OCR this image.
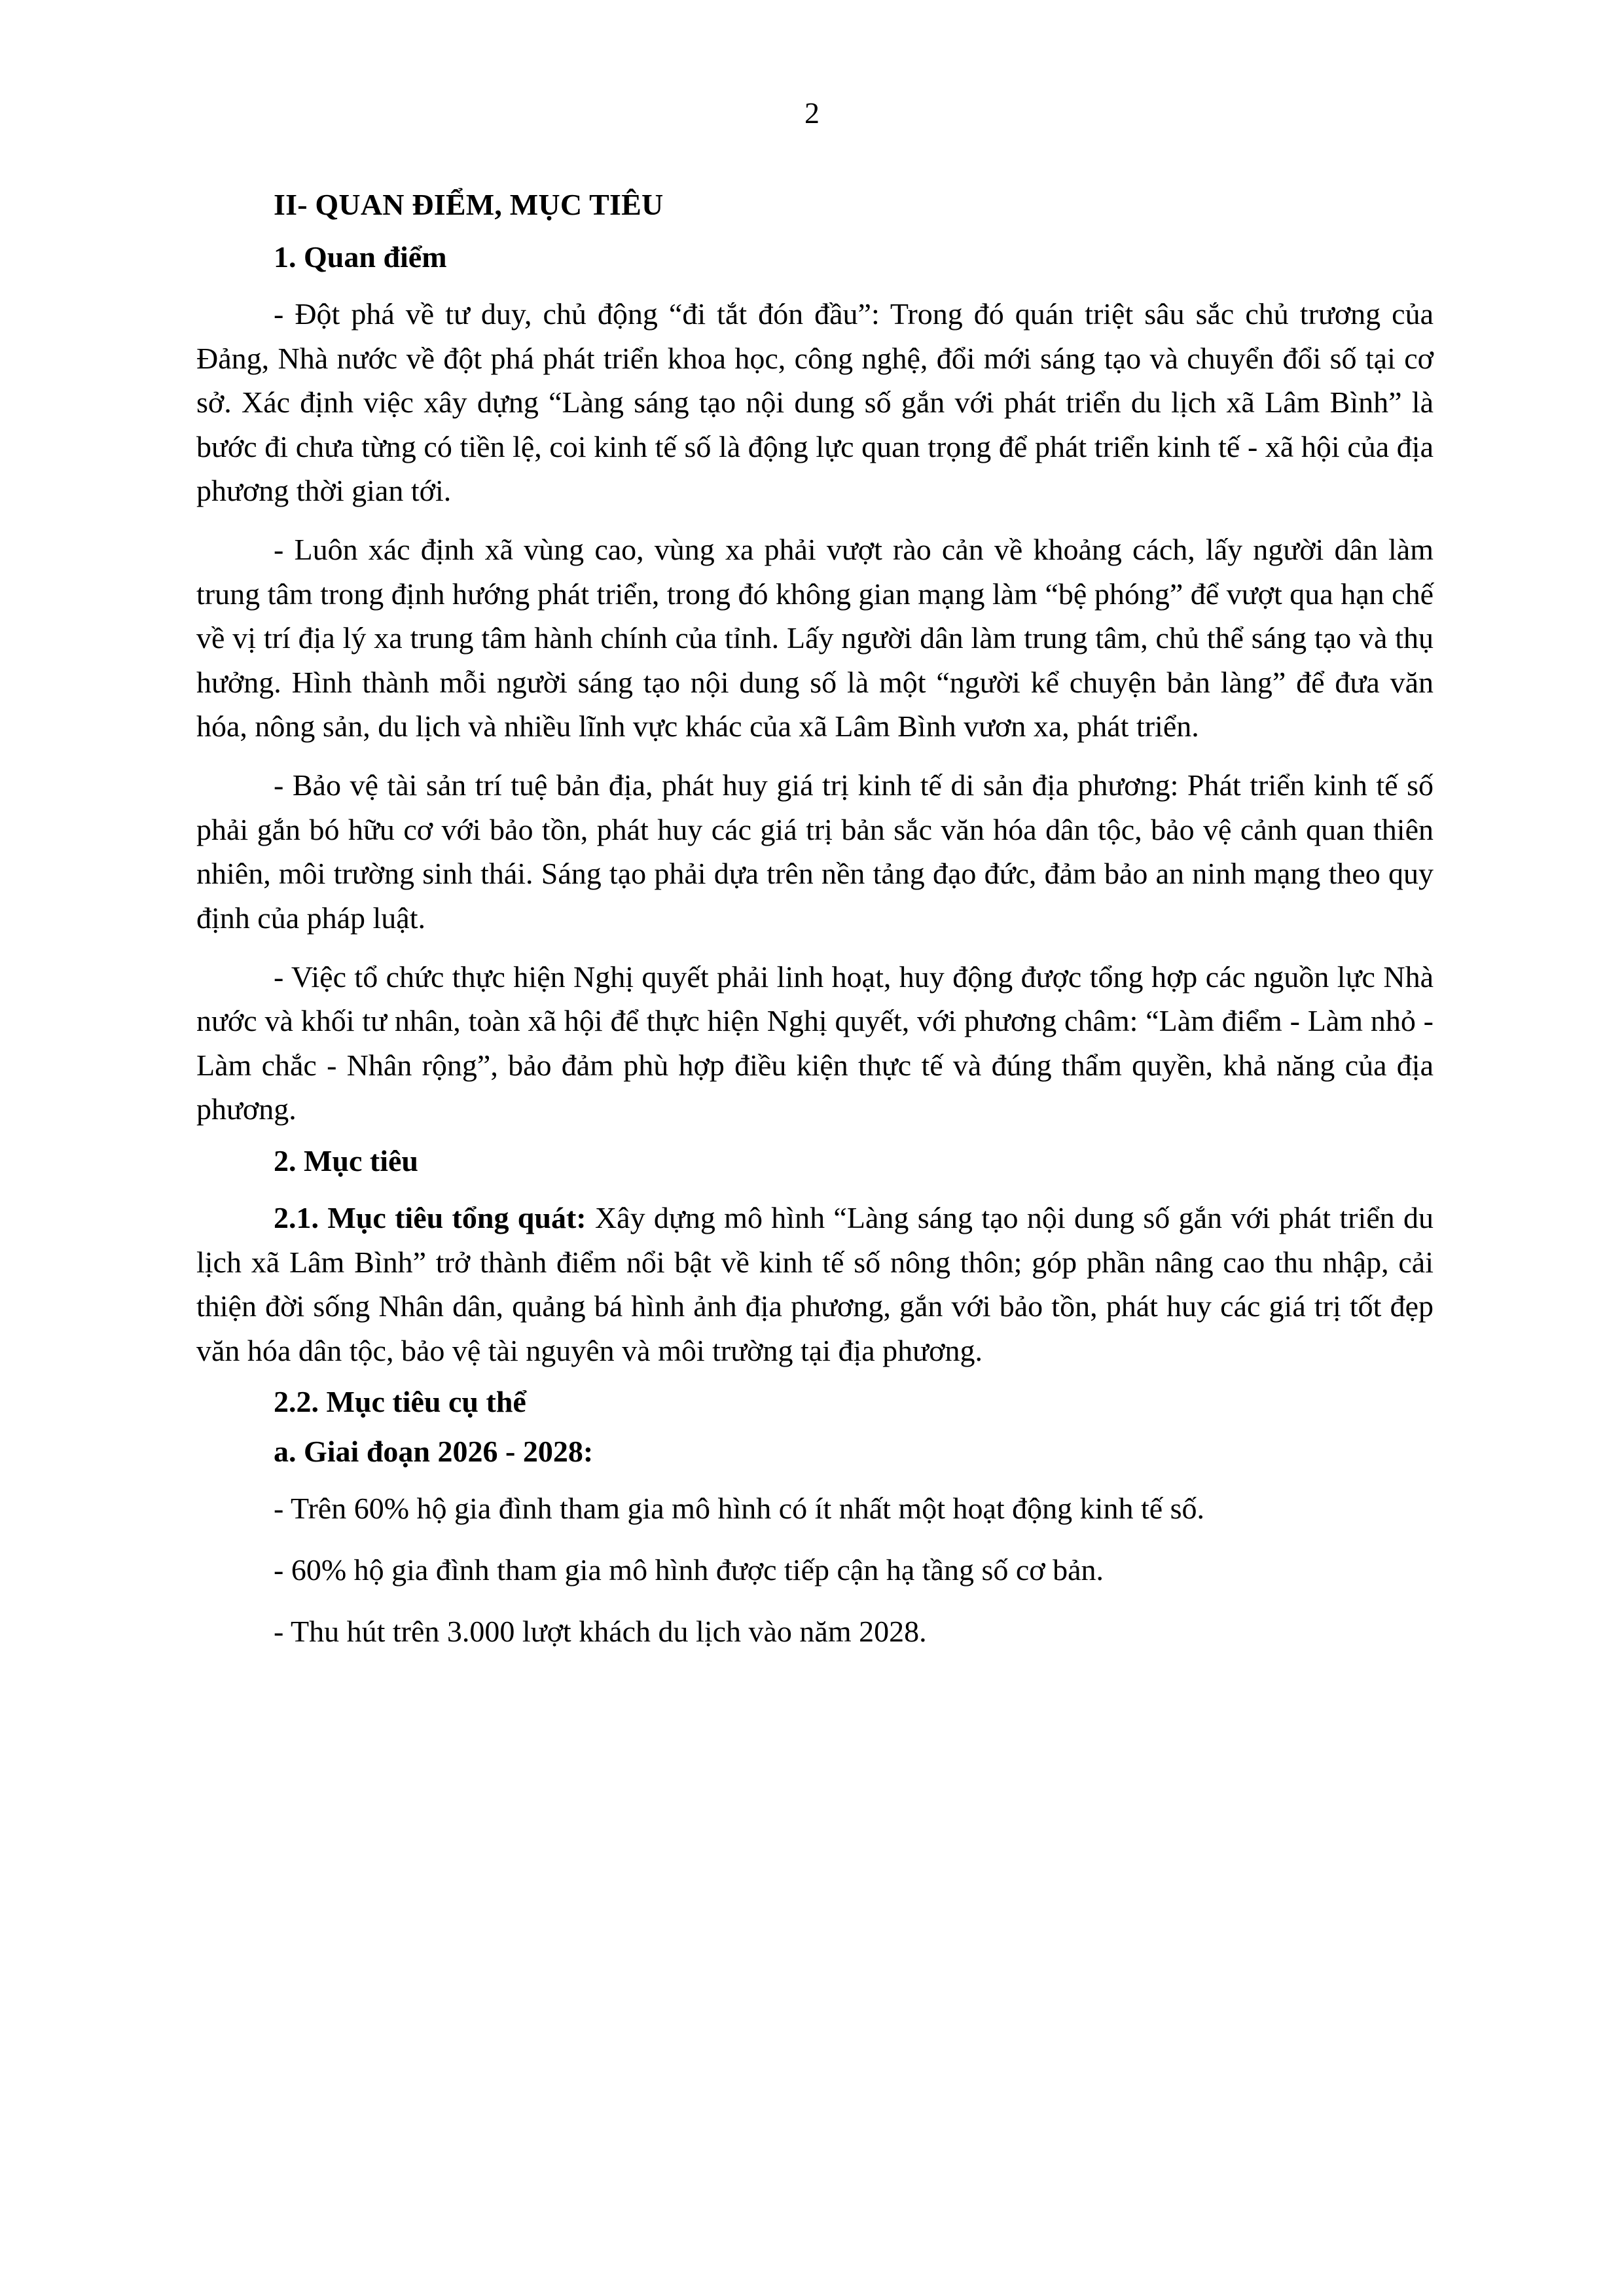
2
II- QUAN ĐIỂM, MỤC TIÊU
1. Quan điểm

- Đột phá về tư duy, chủ động “đi tắt đón đầu”: Trong đó quán triệt sâu sắc chủ trương của Đảng, Nhà nước về đột phá phát triển khoa học, công nghệ, đổi mới sáng tạo và chuyển đổi số tại cơ sở. Xác định việc xây dựng “Làng sáng tạo nội dung số gắn với phát triển du lịch xã Lâm Bình” là bước đi chưa từng có tiền lệ, coi kinh tế số là động lực quan trọng để phát triển kinh tế - xã hội của địa phương thời gian tới.

- Luôn xác định xã vùng cao, vùng xa phải vượt rào cản về khoảng cách, lấy người dân làm trung tâm trong định hướng phát triển, trong đó không gian mạng làm “bệ phóng” để vượt qua hạn chế về vị trí địa lý xa trung tâm hành chính của tỉnh. Lấy người dân làm trung tâm, chủ thể sáng tạo và thụ hưởng. Hình thành mỗi người sáng tạo nội dung số là một “người kể chuyện bản làng” để đưa văn hóa, nông sản, du lịch và nhiều lĩnh vực khác của xã Lâm Bình vươn xa, phát triển.

- Bảo vệ tài sản trí tuệ bản địa, phát huy giá trị kinh tế di sản địa phương: Phát triển kinh tế số phải gắn bó hữu cơ với bảo tồn, phát huy các giá trị bản sắc văn hóa dân tộc, bảo vệ cảnh quan thiên nhiên, môi trường sinh thái. Sáng tạo phải dựa trên nền tảng đạo đức, đảm bảo an ninh mạng theo quy định của pháp luật.

- Việc tổ chức thực hiện Nghị quyết phải linh hoạt, huy động được tổng hợp các nguồn lực Nhà nước và khối tư nhân, toàn xã hội để thực hiện Nghị quyết, với phương châm: “Làm điểm - Làm nhỏ - Làm chắc - Nhân rộng”, bảo đảm phù hợp điều kiện thực tế và đúng thẩm quyền, khả năng của địa phương.

2. Mục tiêu

2.1. Mục tiêu tổng quát: Xây dựng mô hình “Làng sáng tạo nội dung số gắn với phát triển du lịch xã Lâm Bình” trở thành điểm nổi bật về kinh tế số nông thôn; góp phần nâng cao thu nhập, cải thiện đời sống Nhân dân, quảng bá hình ảnh địa phương, gắn với bảo tồn, phát huy các giá trị tốt đẹp văn hóa dân tộc, bảo vệ tài nguyên và môi trường tại địa phương.

2.2. Mục tiêu cụ thể
a. Giai đoạn 2026 - 2028:

- Trên 60% hộ gia đình tham gia mô hình có ít nhất một hoạt động kinh tế số.

- 60% hộ gia đình tham gia mô hình được tiếp cận hạ tầng số cơ bản.

- Thu hút trên 3.000 lượt khách du lịch vào năm 2028.
